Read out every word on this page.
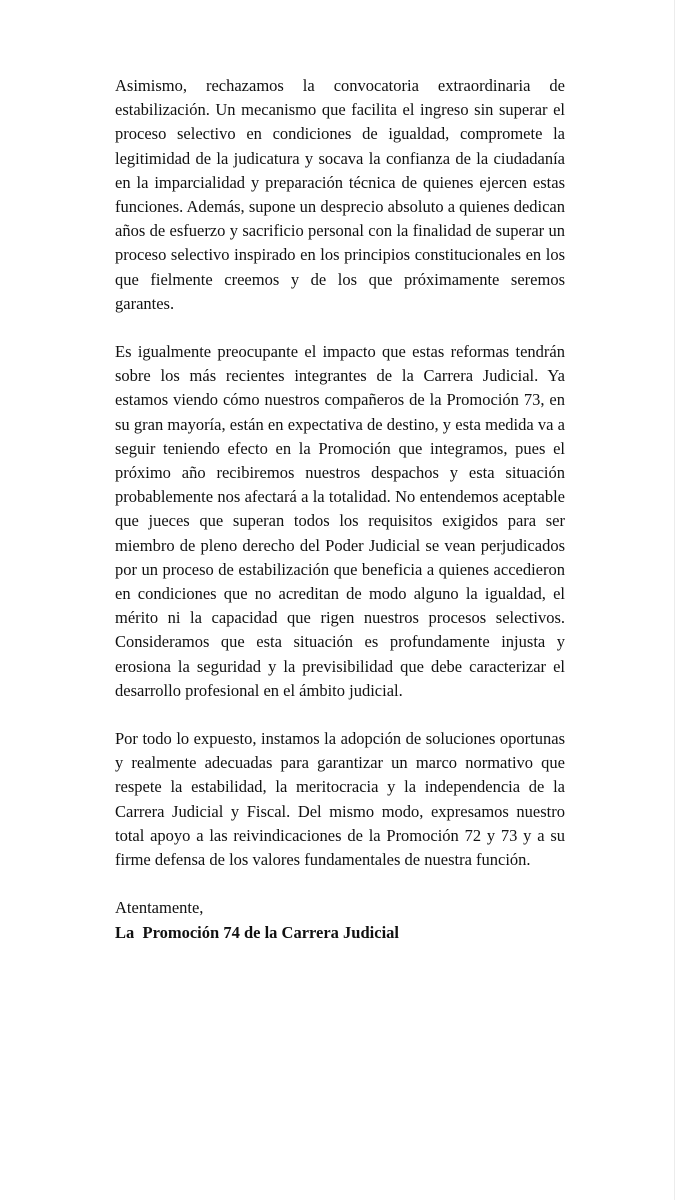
Asimismo, rechazamos la convocatoria extraordinaria de estabilización. Un mecanismo que facilita el ingreso sin superar el proceso selectivo en condiciones de igualdad, compromete la legitimidad de la judicatura y socava la confianza de la ciudadanía en la imparcialidad y preparación técnica de quienes ejercen estas funciones. Además, supone un desprecio absoluto a quienes dedican años de esfuerzo y sacrificio personal con la finalidad de superar un proceso selectivo inspirado en los principios constitucionales en los que fielmente creemos y de los que próximamente seremos garantes.

Es igualmente preocupante el impacto que estas reformas tendrán sobre los más recientes integrantes de la Carrera Judicial. Ya estamos viendo cómo nuestros compañeros de la Promoción 73, en su gran mayoría, están en expectativa de destino, y esta medida va a seguir teniendo efecto en la Promoción que integramos, pues el próximo año recibiremos nuestros despachos y esta situación probablemente nos afectará a la totalidad. No entendemos aceptable que jueces que superan todos los requisitos exigidos para ser miembro de pleno derecho del Poder Judicial se vean perjudicados por un proceso de estabilización que beneficia a quienes accedieron en condiciones que no acreditan de modo alguno la igualdad, el mérito ni la capacidad que rigen nuestros procesos selectivos. Consideramos que esta situación es profundamente injusta y erosiona la seguridad y la previsibilidad que debe caracterizar el desarrollo profesional en el ámbito judicial.

Por todo lo expuesto, instamos la adopción de soluciones oportunas y realmente adecuadas para garantizar un marco normativo que respete la estabilidad, la meritocracia y la independencia de la Carrera Judicial y Fiscal. Del mismo modo, expresamos nuestro total apoyo a las reivindicaciones de la Promoción 72 y 73 y a su firme defensa de los valores fundamentales de nuestra función.

Atentamente,
La  Promoción 74 de la Carrera Judicial
